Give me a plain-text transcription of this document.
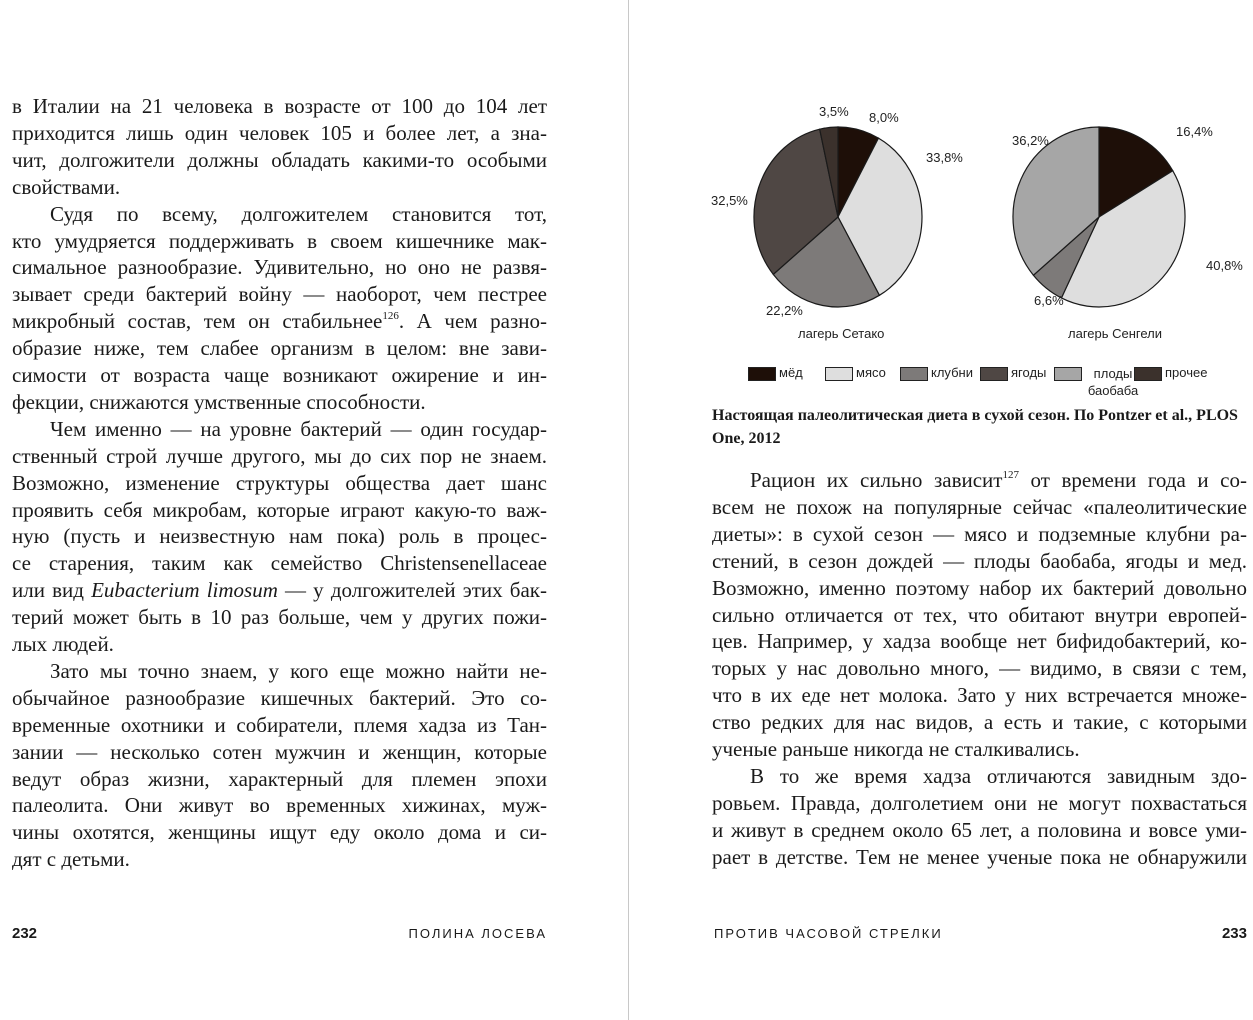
в Италии на 21 человека в возрасте от 100 до 104 лет
приходится лишь один человек 105 и более лет, а зна-
чит, долгожители должны обладать какими-то особыми
свойствами.
Судя по всему, долгожителем становится тот,
кто умудряется поддерживать в своем кишечнике мак-
симальное разнообразие. Удивительно, но оно не развя-
зывает среди бактерий войну — наоборот, чем пестрее
микробный состав, тем он стабильнее$^{126}$. А чем разно-
образие ниже, тем слабее организм в целом: вне зави-
симости от возраста чаще возникают ожирение и ин-
фекции, снижаются умственные способности.
Чем именно — на уровне бактерий — один государ-
ственный строй лучше другого, мы до сих пор не знаем.
Возможно, изменение структуры общества дает шанс
проявить себя микробам, которые играют какую-то важ-
ную (пусть и неизвестную нам пока) роль в процес-
се старения, таким как семейство Christensenellaceae
или вид Eubacterium limosum — у долгожителей этих бак-
терий может быть в 10 раз больше, чем у других пожи-
лых людей.
Зато мы точно знаем, у кого еще можно найти не-
обычайное разнообразие кишечных бактерий. Это со-
временные охотники и собиратели, племя хадза из Тан-
зании — несколько сотен мужчин и женщин, которые
ведут образ жизни, характерный для племен эпохи
палеолита. Они живут во временных хижинах, муж-
чины охотятся, женщины ищут еду около дома и си-
дят с детьми.
Рацион их сильно зависит$^{127}$ от времени года и со-
всем не похож на популярные сейчас «палеолитические
диеты»: в сухой сезон — мясо и подземные клубни ра-
стений, в сезон дождей — плоды баобаба, ягоды и мед.
Возможно, именно поэтому набор их бактерий довольно
сильно отличается от тех, что обитают внутри европей-
цев. Например, у хадза вообще нет бифидобактерий, ко-
торых у нас довольно много, — видимо, в связи с тем,
что в их еде нет молока. Зато у них встречается множе-
ство редких для нас видов, а есть и такие, с которыми
ученые раньше никогда не сталкивались.
В то же время хадза отличаются завидным здо-
ровьем. Правда, долголетием они не могут похвастаться
и живут в среднем около 65 лет, а половина и вовсе уми-
рает в детстве. Тем не менее ученые пока не обнаружили
3,5% 8,0%
33,8%
32,5%
22,2%
лагерь Сетако
36,2%
16,4%
40,8%
6,6%
лагерь Сенгели
мёд	мясо	клубни	ягоды	плоды баобаба
прочее
Настоящая палеолитическая диета в сухой сезон. По Pontzer et al., PLOS One, 2012
232	ПОЛИНА ЛОСЕВА	ПРОТИВ ЧАСОВОЙ СТРЕЛКИ	233
